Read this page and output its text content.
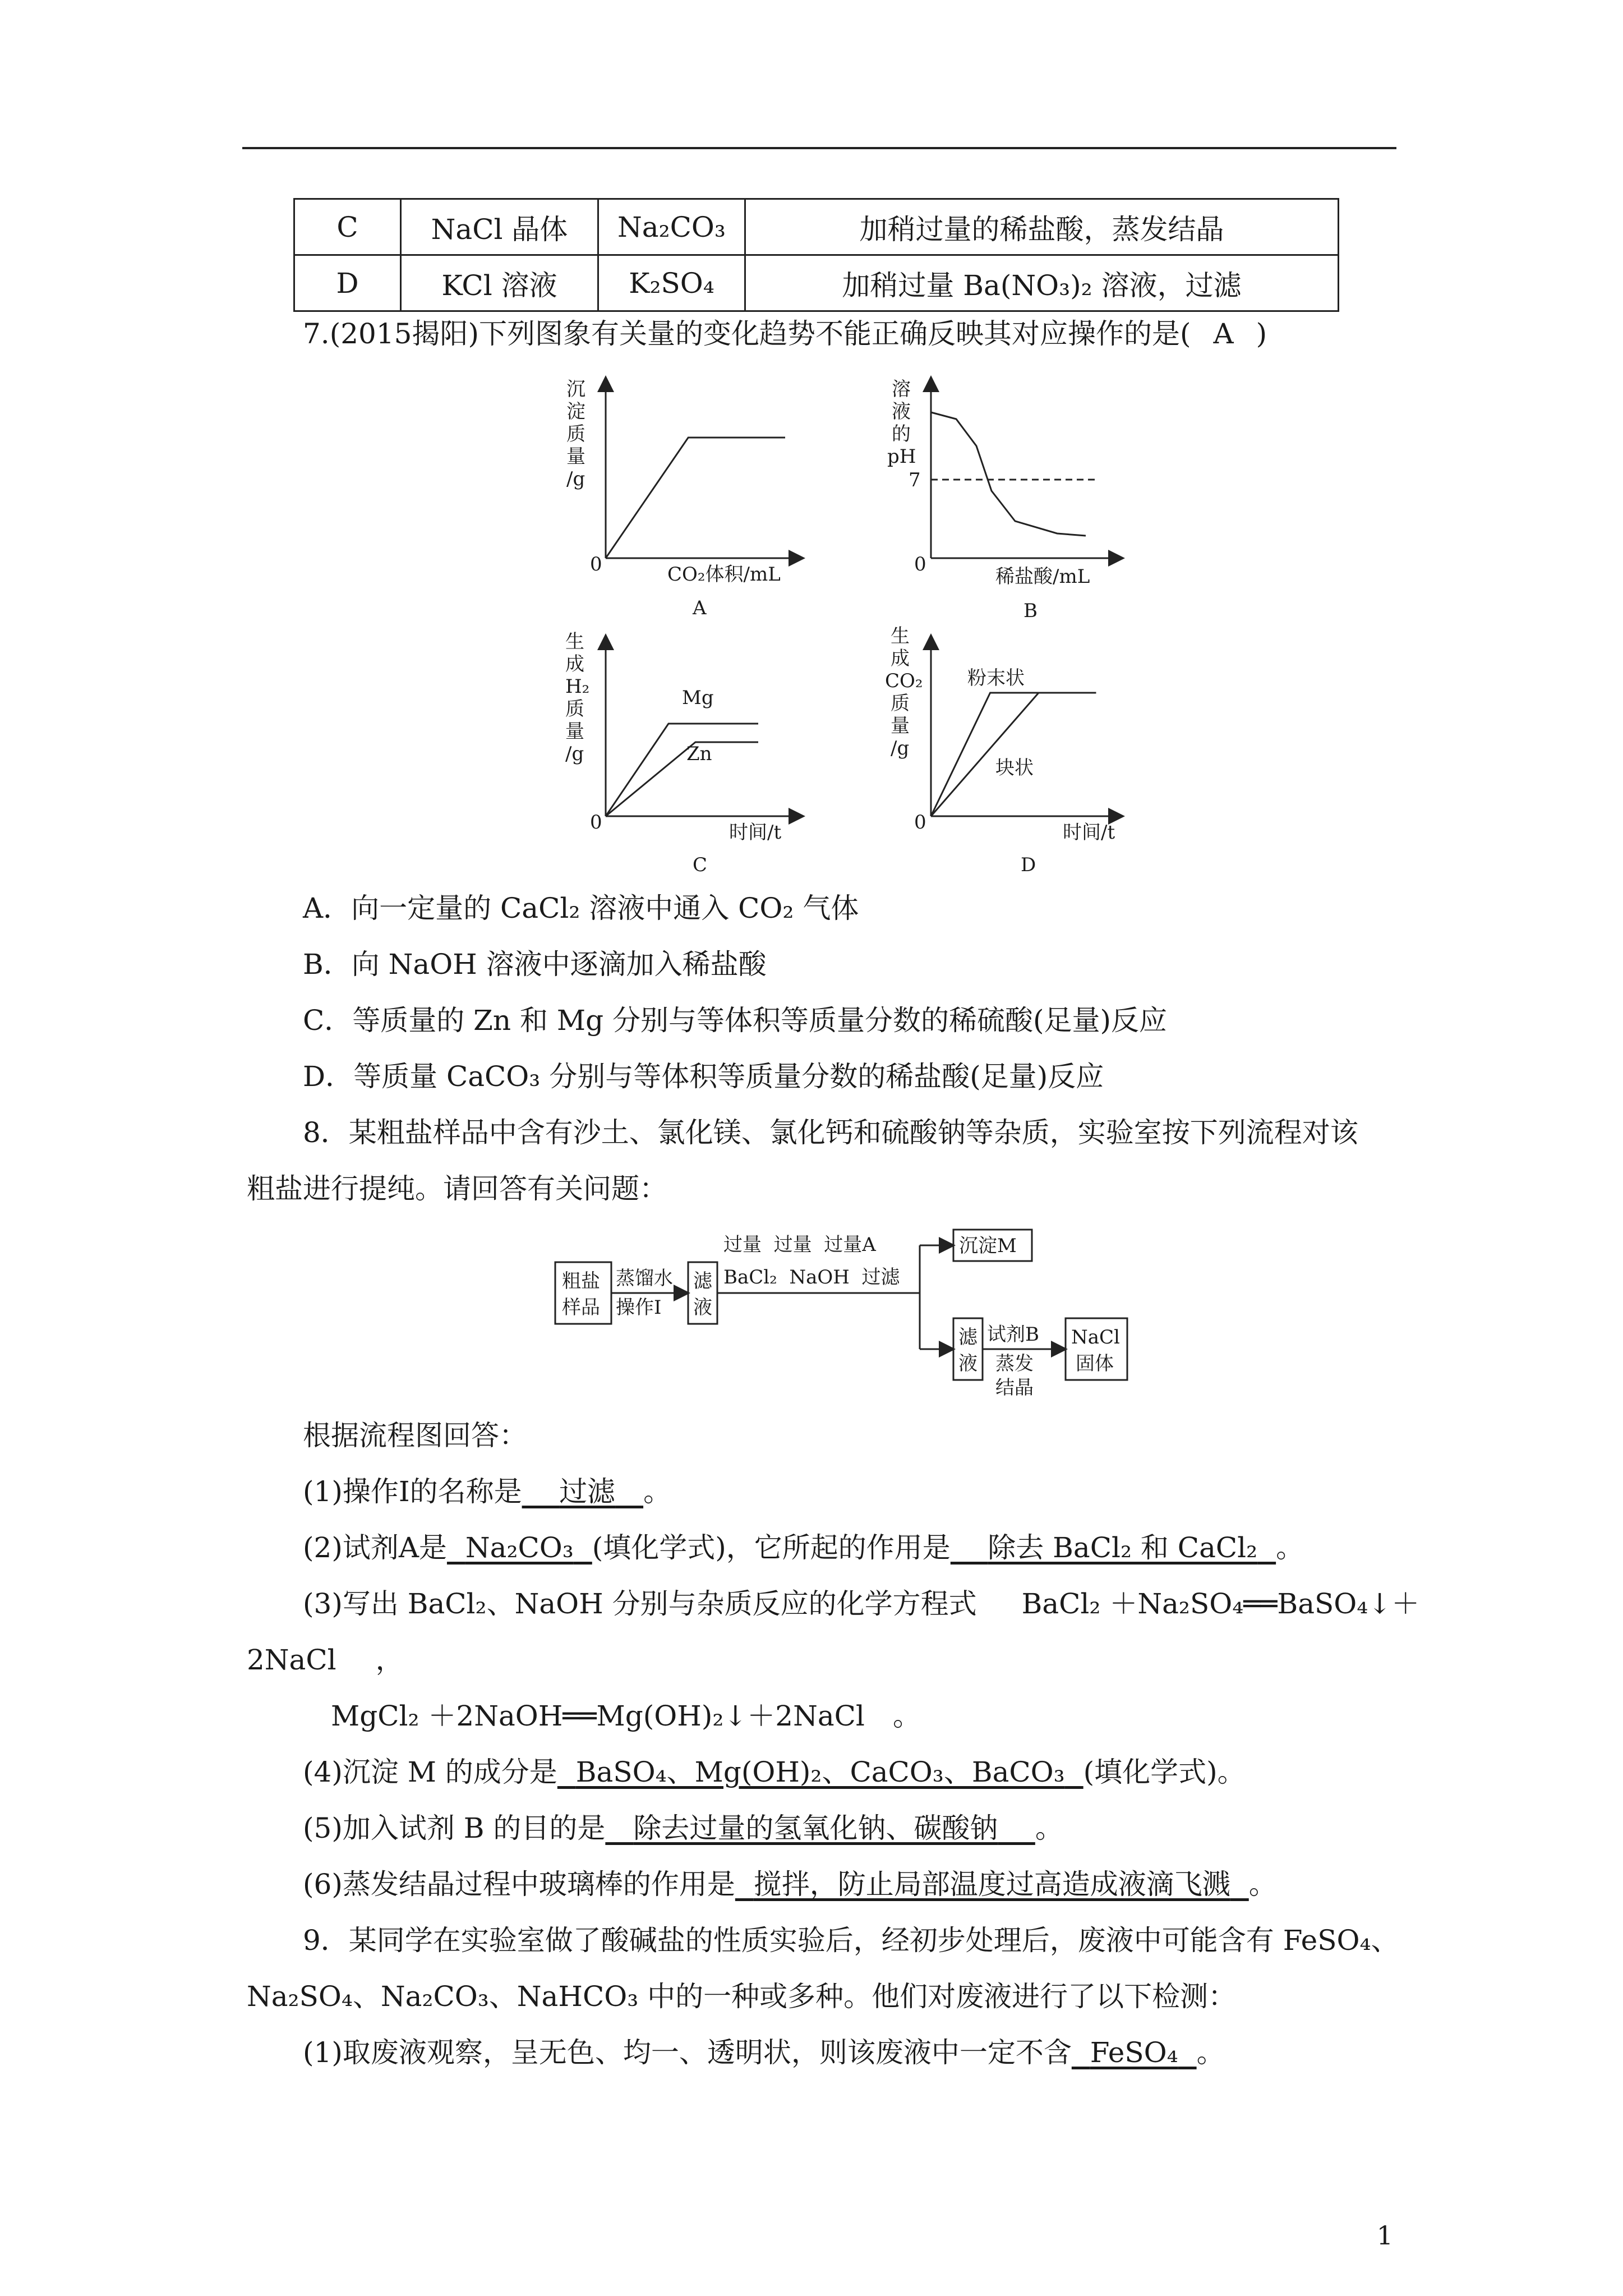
C	NaCl 晶体	Na₂CO₃	加稍过量的稀盐酸，蒸发结晶
D	KCl 溶液	K₂SO₄	加稍过量 Ba(NO₃)₂ 溶液，过滤
7.(2015揭阳)下列图象有关量的变化趋势不能正确反映其对应操作的是( A )
沉
淀
质
量
/g
0	CO₂体积/mL
A
溶
液
的
pH
7
0
稀盐酸/mL
B
Mg
Zn
生
成
H₂
质
量
/g
0	时间/t
C
粉末状
块状
生
成
CO₂
质
量
/g
0	时间/t
D
A．向一定量的 CaCl₂ 溶液中通入 CO₂ 气体
B．向 NaOH 溶液中逐滴加入稀盐酸
C．等质量的 Zn 和 Mg 分别与等体积等质量分数的稀硫酸(足量)反应
D．等质量 CaCO₃ 分别与等体积等质量分数的稀盐酸(足量)反应
8．某粗盐样品中含有沙土、氯化镁、氯化钙和硫酸钠等杂质，实验室按下列流程对该
粗盐进行提纯。请回答有关问题：
粗盐
样品
蒸馏水
操作Ⅰ
滤
液
过量  过量  过量A
BaCl₂  NaOH  过滤
沉淀M
滤
液
试剂B
蒸发
结晶
NaCl
固体
根据流程图回答：
(1)操作Ⅰ的名称是   过滤  。
(2)试剂A是   Na₂CO₃   (填化学式)，它所起的作用是   除去 BaCl₂ 和 CaCl₂   。
(3)写出 BaCl₂、NaOH 分别与杂质反应的化学方程式 BaCl₂ ＋Na₂SO₄══BaSO₄↓＋
2NaCl ，
MgCl₂ ＋2NaOH══Mg(OH)₂↓＋2NaCl 。
(4)沉淀 M 的成分是   BaSO₄、Mg(OH)₂、CaCO₃、BaCO₃   (填化学式)。
(5)加入试剂 B 的目的是  除去过量的氢氧化钠、碳酸钠   。
(6)蒸发结晶过程中玻璃棒的作用是   搅拌，防止局部温度过高造成液滴飞溅   。
9．某同学在实验室做了酸碱盐的性质实验后，经初步处理后，废液中可能含有 FeSO₄、
Na₂SO₄、Na₂CO₃、NaHCO₃ 中的一种或多种。他们对废液进行了以下检测：
(1)取废液观察，呈无色、均一、透明状，则该废液中一定不含   FeSO₄   。
1
